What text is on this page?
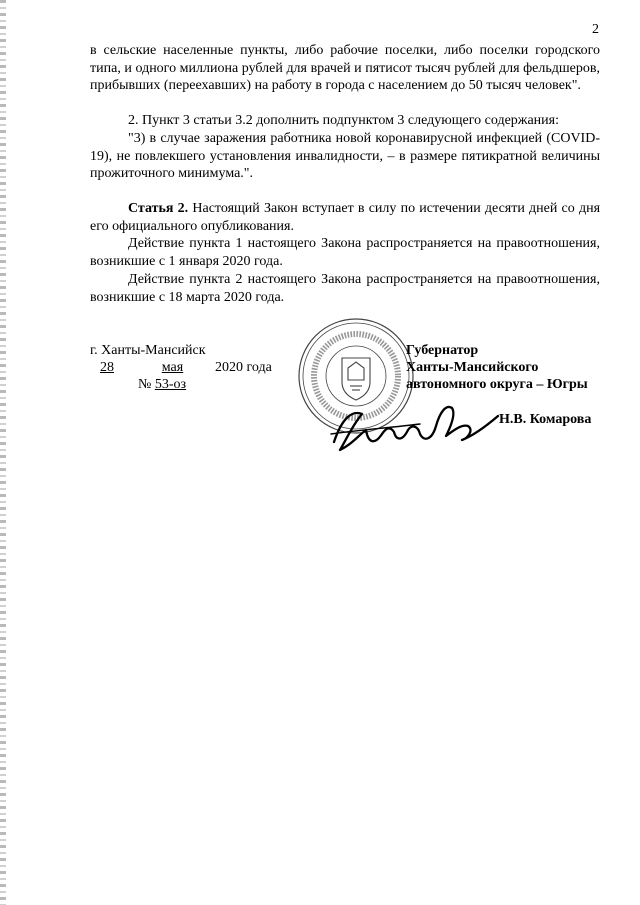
2

в сельские населенные пункты, либо рабочие поселки, либо поселки городского типа, и одного миллиона рублей для врачей и пятисот тысяч рублей для фельдшеров, прибывших (переехавших) на работу в города с населением до 50 тысяч человек".

2. Пункт 3 статьи 3.2 дополнить подпунктом 3 следующего содержания:

"3) в случае заражения работника новой коронавирусной инфекцией (COVID-19), не повлекшего установления инвалидности, – в размере пятикратной величины прожиточного минимума.".

Статья 2. Настоящий Закон вступает в силу по истечении десяти дней со дня его официального опубликования.

Действие пункта 1 настоящего Закона распространяется на правоотношения, возникшие с 1 января 2020 года.

Действие пункта 2 настоящего Закона распространяется на правоотношения, возникшие с 18 марта 2020 года.

г. Ханты-Мансийск
28	мая 2020 года
№ 53-оз
Губернатор
Ханты-Мансийского
автономного округа – Югры
Н.В. Комарова
